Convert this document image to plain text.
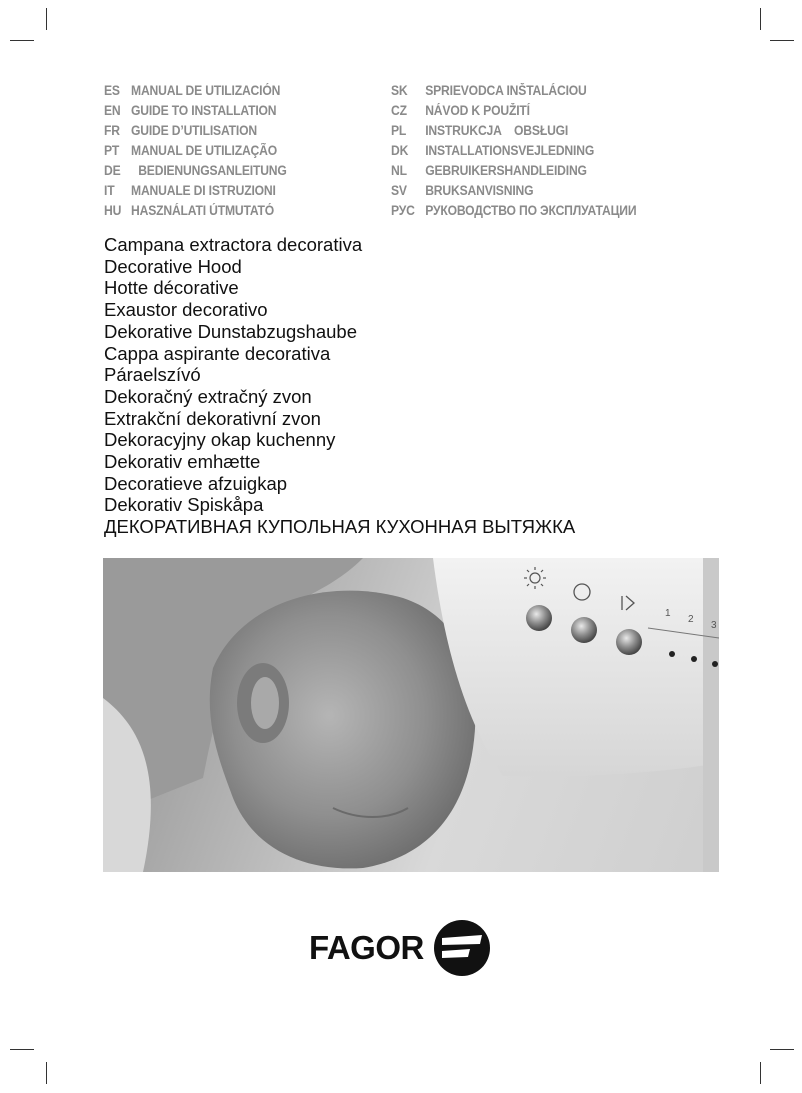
ES MANUAL DE UTILIZACIÓN
EN GUIDE TO INSTALLATION
FR GUIDE D’UTILISATION
PT MANUAL DE UTILIZAÇÃO
DE BEDIENUNGSANLEITUNG
IT	MANUALE DI ISTRUZIONI
HU HASZNÁLATI ÚTMUTATÓ
SK	SPRIEVODCA INŠTALÁCIOU
CZ	NÁVOD K POUŽITÍ
PL	INSTRUKCJA    OBSŁUGI
DK	INSTALLATIONSVEJLEDNING
NL	GEBRUIKERSHANDLEIDING
SV	BRUKSANVISNING
РУС РУКОВОДСТВО ПО ЭКСПЛУАТАЦИИ
Campana extractora decorativa
Decorative Hood
Hotte décorative
Exaustor decorativo
Dekorative Dunstabzugshaube
Cappa aspirante decorativa
Páraelszívó
Dekoračný extračný zvon
Extrakční dekorativní zvon
Dekoracyjny okap kuchenny
Dekorativ emhætte
Decoratieve afzuigkap
Dekorativ Spiskåpa
ДЕКОРАТИВНАЯ КУПОЛЬНАЯ КУХОННАЯ ВЫТЯЖКА
1
2
3
FAGOR
